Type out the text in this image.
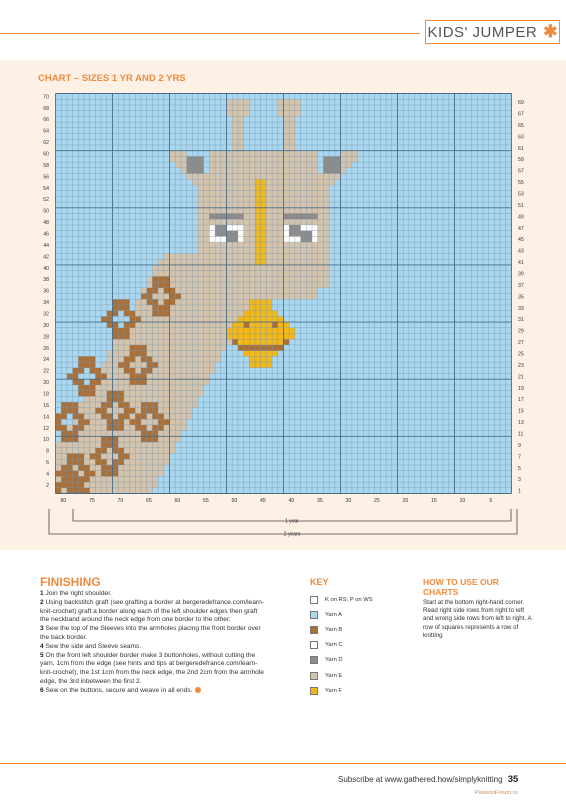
KIDS' JUMPER ✱
CHART – SIZES 1 YR AND 2 YRS
2
4
6
8
10
12
14
16
18
20
22
24
26
28
30
32
34
36
38
40
42
44
46
48
50
52
54
56
58
60
62
64
66
68
70
1
3
5
7
9
11
13
15
17
19
21
23
25
27
29
31
33
35
37
39
41
43
45
47
49
51
53
55
57
59
61
63
65
67
69
80	75	70	65	60	55	50	45	40	35	30	25	20	15	10	5
1 year
2 years
FINISHING
1 Join the right shoulder.
2 Using backstitch graft (see grafting a border at bergeredefrance.com/learn-knit-crochet) graft a border along each of the left shoulder edges then graft the neckband around the neck edge from one border to the other.
3 Sew the top of the Sleeves into the armholes placing the front border over the back border.
4 Sew the side and Sleeve seams.
5 On the front left shoulder border make 3 buttonholes, without cutting the yarn, 1cm from the edge (see hints and tips at bergeredefrance.com/learn-knit-crochet), the 1st 1cm from the neck edge, the 2nd 2cm from the armhole edge, the 3rd inbetween the first 2.
6 Sew on the buttons, secure and weave in all ends.
KEY
K on RS; P on WS
Yarn A
Yarn B
Yarn C
Yarn D
Yarn E
Yarn F
HOW TO USE OUR CHARTS
Start at the bottom right-hand corner. Read right side rows from right to left and wrong side rows from left to right. A row of squares represents a row of knitting
Subscribe at www.gathered.how/simplyknitting 35
PassionForum.ru
